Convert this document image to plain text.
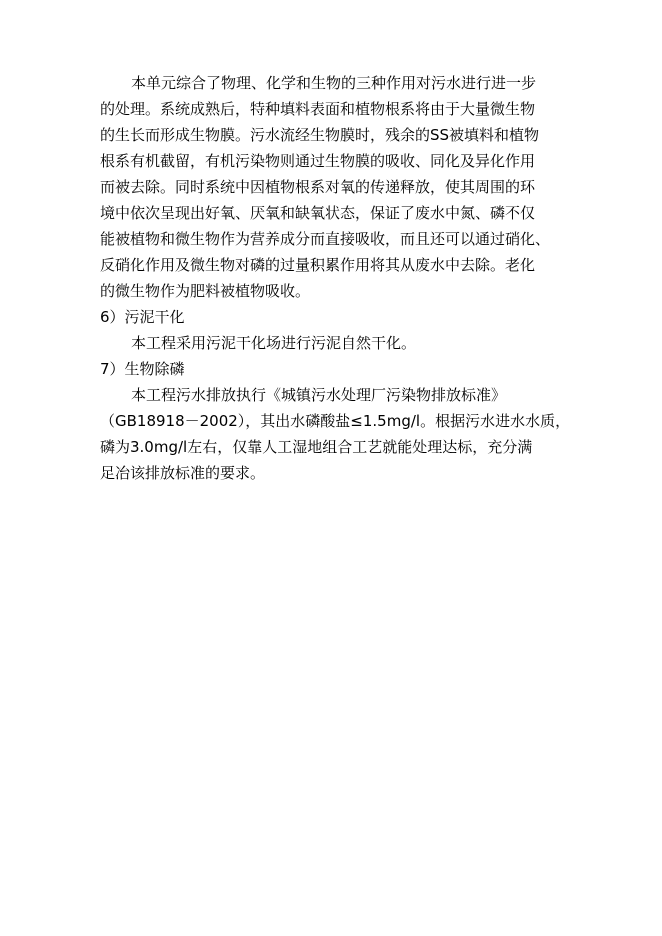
本单元综合了物理、化学和生物的三种作用对污水进行进一步
的处理。系统成熟后，特种填料表面和植物根系将由于大量微生物
的生长而形成生物膜。污水流经生物膜时，残余的SS被填料和植物
根系有机截留，有机污染物则通过生物膜的吸收、同化及异化作用
而被去除。同时系统中因植物根系对氧的传递释放，使其周围的环
境中依次呈现出好氧、厌氧和缺氧状态，保证了废水中氮、磷不仅
能被植物和微生物作为营养成分而直接吸收，而且还可以通过硝化、
反硝化作用及微生物对磷的过量积累作用将其从废水中去除。老化
的微生物作为肥料被植物吸收。
6）污泥干化
本工程采用污泥干化场进行污泥自然干化。
7）生物除磷
本工程污水排放执行《城镇污水处理厂污染物排放标准》
（GB18918－2002），其出水磷酸盐≤1.5mg/l。根据污水进水水质，
磷为3.0mg/l左右，仅靠人工湿地组合工艺就能处理达标，充分满
足冶该排放标准的要求。
